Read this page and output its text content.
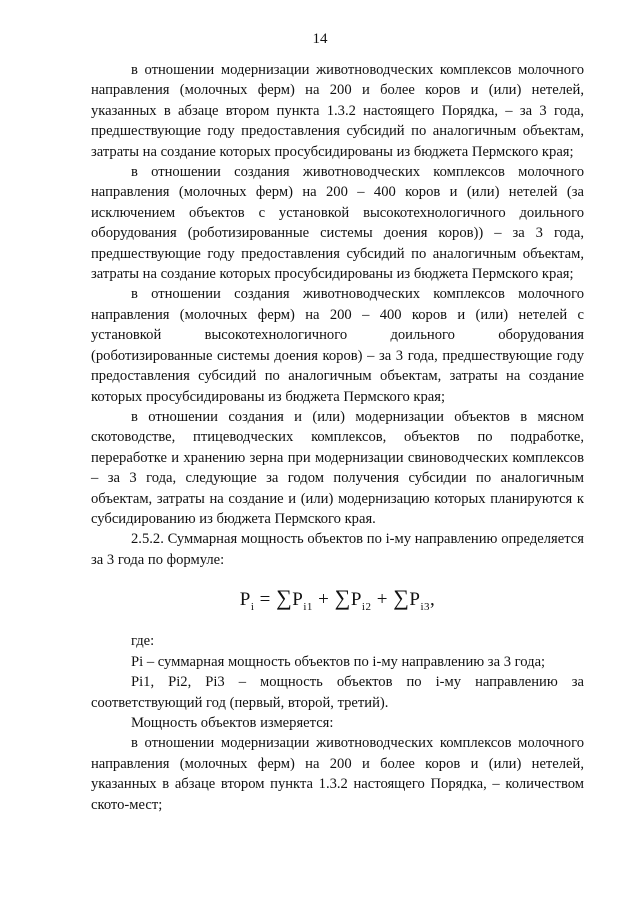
14

в отношении модернизации животноводческих комплексов молочного направления (молочных ферм) на 200 и более коров и (или) нетелей, указанных в абзаце втором пункта 1.3.2 настоящего Порядка, – за 3 года, предшествующие году предоставления субсидий по аналогичным объектам, затраты на создание которых просубсидированы из бюджета Пермского края;

в отношении создания животноводческих комплексов молочного направления (молочных ферм) на 200 – 400 коров и (или) нетелей (за исключением объектов с установкой высокотехнологичного доильного оборудования (роботизированные системы доения коров)) – за 3 года, предшествующие году предоставления субсидий по аналогичным объектам, затраты на создание которых просубсидированы из бюджета Пермского края;

в отношении создания животноводческих комплексов молочного направления (молочных ферм) на 200 – 400 коров и (или) нетелей с установкой высокотехнологичного доильного оборудования (роботизированные системы доения коров) – за 3 года, предшествующие году предоставления субсидий по аналогичным объектам, затраты на создание которых просубсидированы из бюджета Пермского края;

в отношении создания и (или) модернизации объектов в мясном скотоводстве, птицеводческих комплексов, объектов по подработке, переработке и хранению зерна при модернизации свиноводческих комплексов – за 3 года, следующие за годом получения субсидии по аналогичным объектам, затраты на создание и (или) модернизацию которых планируются к субсидированию из бюджета Пермского края.

2.5.2. Суммарная мощность объектов по i-му направлению определяется за 3 года по формуле:

$P_i = \sum P_{i1} + \sum P_{i2} + \sum P_{i3}$,

где:

Pi – суммарная мощность объектов по i-му направлению за 3 года;

Pi1, Pi2, Pi3 – мощность объектов по i-му направлению за соответствующий год (первый, второй, третий).

Мощность объектов измеряется:

в отношении модернизации животноводческих комплексов молочного направления (молочных ферм) на 200 и более коров и (или) нетелей, указанных в абзаце втором пункта 1.3.2 настоящего Порядка, – количеством ското-мест;
